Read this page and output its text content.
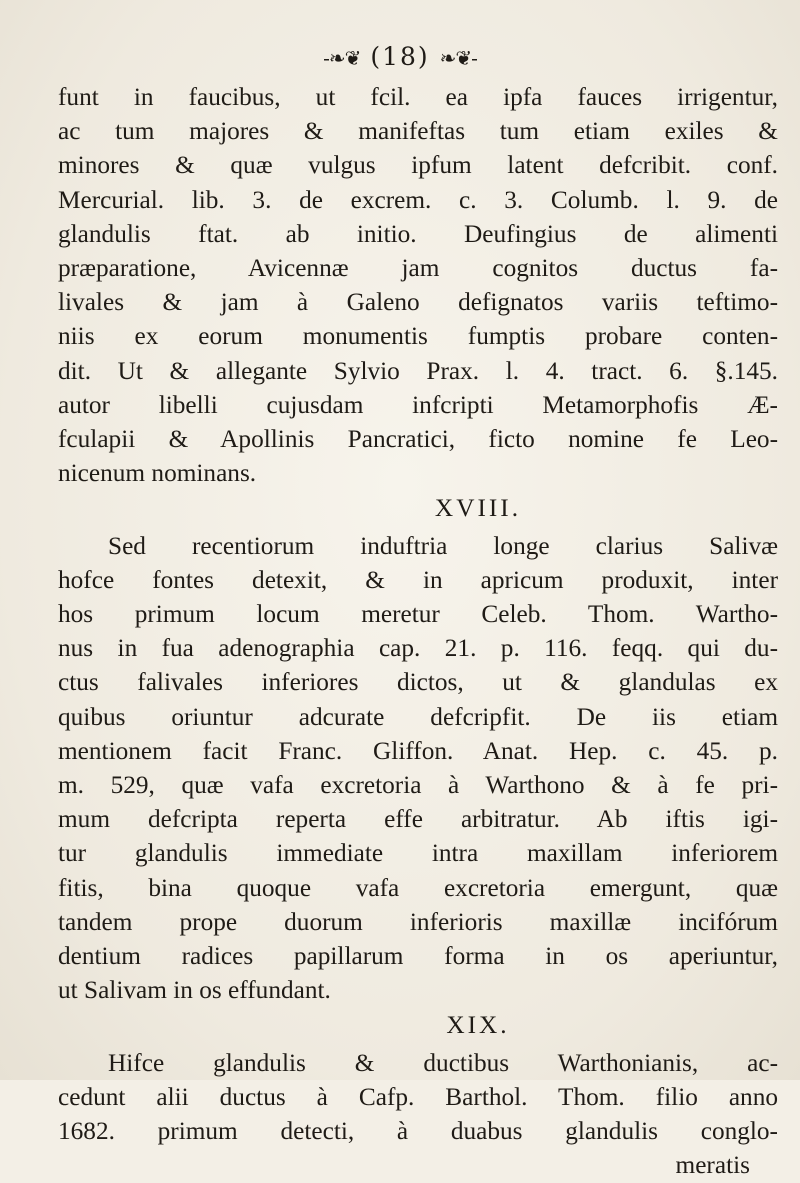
-❧❦ (18) ❧❦-
funt in faucibus, ut fcil. ea ipfa fauces irrigentur,
ac tum majores & manifeftas tum etiam exiles &
minores & quæ vulgus ipfum latent defcribit. conf.
Mercurial. lib. 3. de excrem. c. 3. Columb. l. 9. de
glandulis ftat. ab initio. Deufingius de alimenti
præparatione, Avicennæ jam cognitos ductus fa-
livales & jam à Galeno defignatos variis teftimo-
niis ex eorum monumentis fumptis probare conten-
dit. Ut & allegante Sylvio Prax. l. 4. tract. 6. §.145.
autor libelli cujusdam infcripti Metamorphofis Æ-
fculapii & Apollinis Pancratici, ficto nomine fe Leo-
nicenum nominans.
XVIII.
Sed recentiorum induftria longe clarius Salivæ
hofce fontes detexit, & in apricum produxit, inter
hos primum locum meretur Celeb. Thom. Wartho-
nus in fua adenographia cap. 21. p. 116. feqq. qui du-
ctus falivales inferiores dictos, ut & glandulas ex
quibus oriuntur adcurate defcripfit. De iis etiam
mentionem facit Franc. Gliffon. Anat. Hep. c. 45. p.
m. 529, quæ vafa excretoria à Warthono & à fe pri-
mum defcripta reperta effe arbitratur. Ab iftis igi-
tur glandulis immediate intra maxillam inferiorem
fitis, bina quoque vafa excretoria emergunt, quæ
tandem prope duorum inferioris maxillæ incifórum
dentium radices papillarum forma in os aperiuntur,
ut Salivam in os effundant.
XIX.
Hifce glandulis & ductibus Warthonianis, ac-
cedunt alii ductus à Cafp. Barthol. Thom. filio anno
1682. primum detecti, à duabus glandulis conglo-
meratis
